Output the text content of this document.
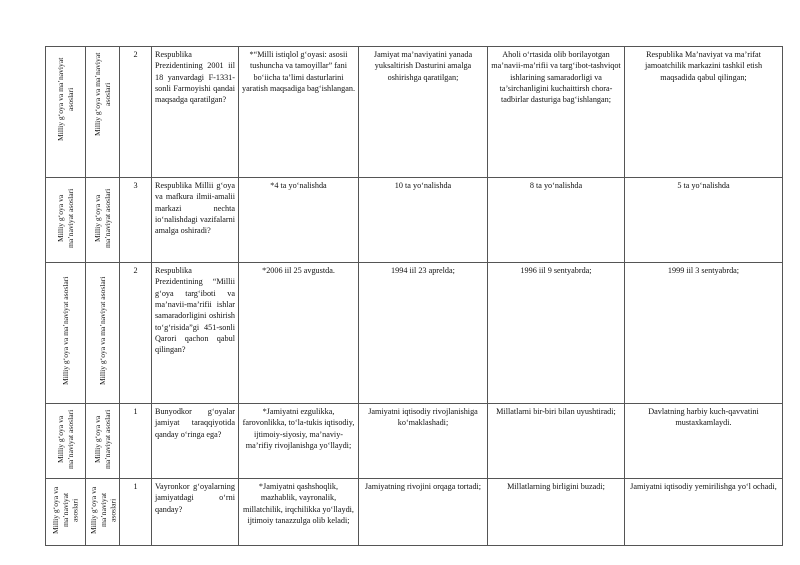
Milliy g‘oya va ma’naviyat asoslari	Milliy g‘oya va ma’naviyat asoslari	2	Respublika Prezidentining 2001 iil 18 yanvardagi F-1331-sonli Farmoyishi qandai maqsadga qaratilgan?	*“Milli istiqlol g‘oyasi: asosii tushuncha va tamoyillar” fani bo‘iicha ta’limi dasturlarini yaratish maqsadiga bag‘ishlangan.	Jamiyat ma’naviyatini yanada yuksaltirish Dasturini amalga oshirishga qaratilgan;	Aholi o‘rtasida olib borilayotgan ma’navii-ma’rifii va targ‘ibot-tashviqot ishlarining samaradorligi va ta’sirchanligini kuchaittirsh chora-tadbirlar dasturiga bag‘ishlangan;	Respublika Ma’naviyat va ma’rifat jamoatchilik markazini tashkil etish maqsadida qabul qilingan;

Milliy g‘oya va ma’naviyat asoslari	Milliy g‘oya va ma’naviyat asoslari	3	Respublika Millii g‘oya va mafkura ilmii-amalii markazi nechta io‘nalishdagi vazifalarni amalga oshiradi?	*4 ta yo‘nalishda	10 ta yo‘nalishda	8 ta yo‘nalishda	5 ta yo‘nalishda

Milliy g‘oya va ma’naviyat asoslari	Milliy g‘oya va ma’naviyat asoslari	2	Respublika Prezidentining “Millii g‘oya targ‘iboti va ma’navii-ma’rifii ishlar samaradorligini oshirish to‘g‘risida”gi 451-sonli Qarori qachon qabul qilingan?	*2006 iil 25 avgustda.	1994 iil 23 aprelda;	1996 iil 9 sentyabrda;	1999 iil 3 sentyabrda;

Milliy g‘oya va ma’naviyat asoslari	Milliy g‘oya va ma’naviyat asoslari	1	Bunyodkor g‘oyalar jamiyat taraqqiyotida qanday o‘ringa ega?	*Jamiyatni ezgulikka, farovonlikka, to‘la-tukis iqtisodiy, ijtimoiy-siyosiy, ma’naviy-ma’rifiy rivojlanishga yo‘llaydi;	Jamiyatni iqtisodiy rivojlanishiga ko‘maklashadi;	Millatlarni bir-biri bilan uyushtiradi;	Davlatning harbiy kuch-qavvatini mustaxkamlaydi.

Milliy g‘oya va ma’naviyat asoslari	Milliy g‘oya va ma’naviyat asoslari	1	Vayronkor g‘oyalarning jamiyatdagi o‘rni qanday?	*Jamiyatni qashshoqlik, mazhablik, vayronalik, millatchilik, irqchilikka yo‘llaydi, ijtimoiy tanazzulga olib keladi;	Jamiyatning rivojini orqaga tortadi;	Millatlarning birligini buzadi;	Jamiyatni iqtisodiy yemirilishga yo‘l ochadi,
